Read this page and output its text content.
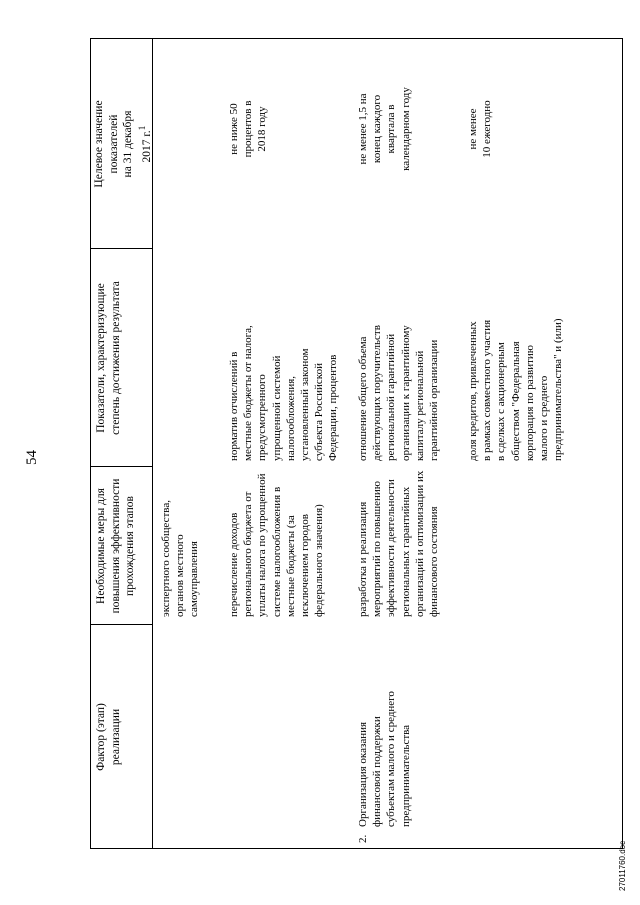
54
Фактор (этап) реализации
Необходимые меры для повышения эффективности прохождения этапов
Показатели, характеризующие степень достижения результата
Целевое значение показателей на 31 декабря 2017 г.$^1$
экспертного сообщества,
органов местного
самоуправления	перечисление доходов
регионального бюджета от
уплаты налога по упрощенной
системе налогообложения в
местные бюджеты (за
исключением городов
федерального значения)
норматив отчислений в
местные бюджеты от налога,
предусмотренного
упрощенной системой
налогообложения,
установленный законом
субъекта Российской
Федерации, процентов
не ниже 50
процентов в
2018 году
2.
Организация оказания
финансовой поддержки
субъектам малого и среднего
предпринимательства
разработка и реализация
мероприятий по повышению
эффективности деятельности
региональных гарантийных
организаций и оптимизации их
финансового состояния
отношение общего объема
действующих поручительств
региональной гарантийной
организации к гарантийному
капиталу региональной
гарантийной организации
не менее 1,5 на
конец каждого
квартала в
календарном году
доля кредитов, привлеченных
в рамках совместного участия
в сделках с акционерным
обществом "Федеральная
корпорация по развитию
малого и среднего
предпринимательства" и (или)
не менее
10 ежегодно
27011760.doc
